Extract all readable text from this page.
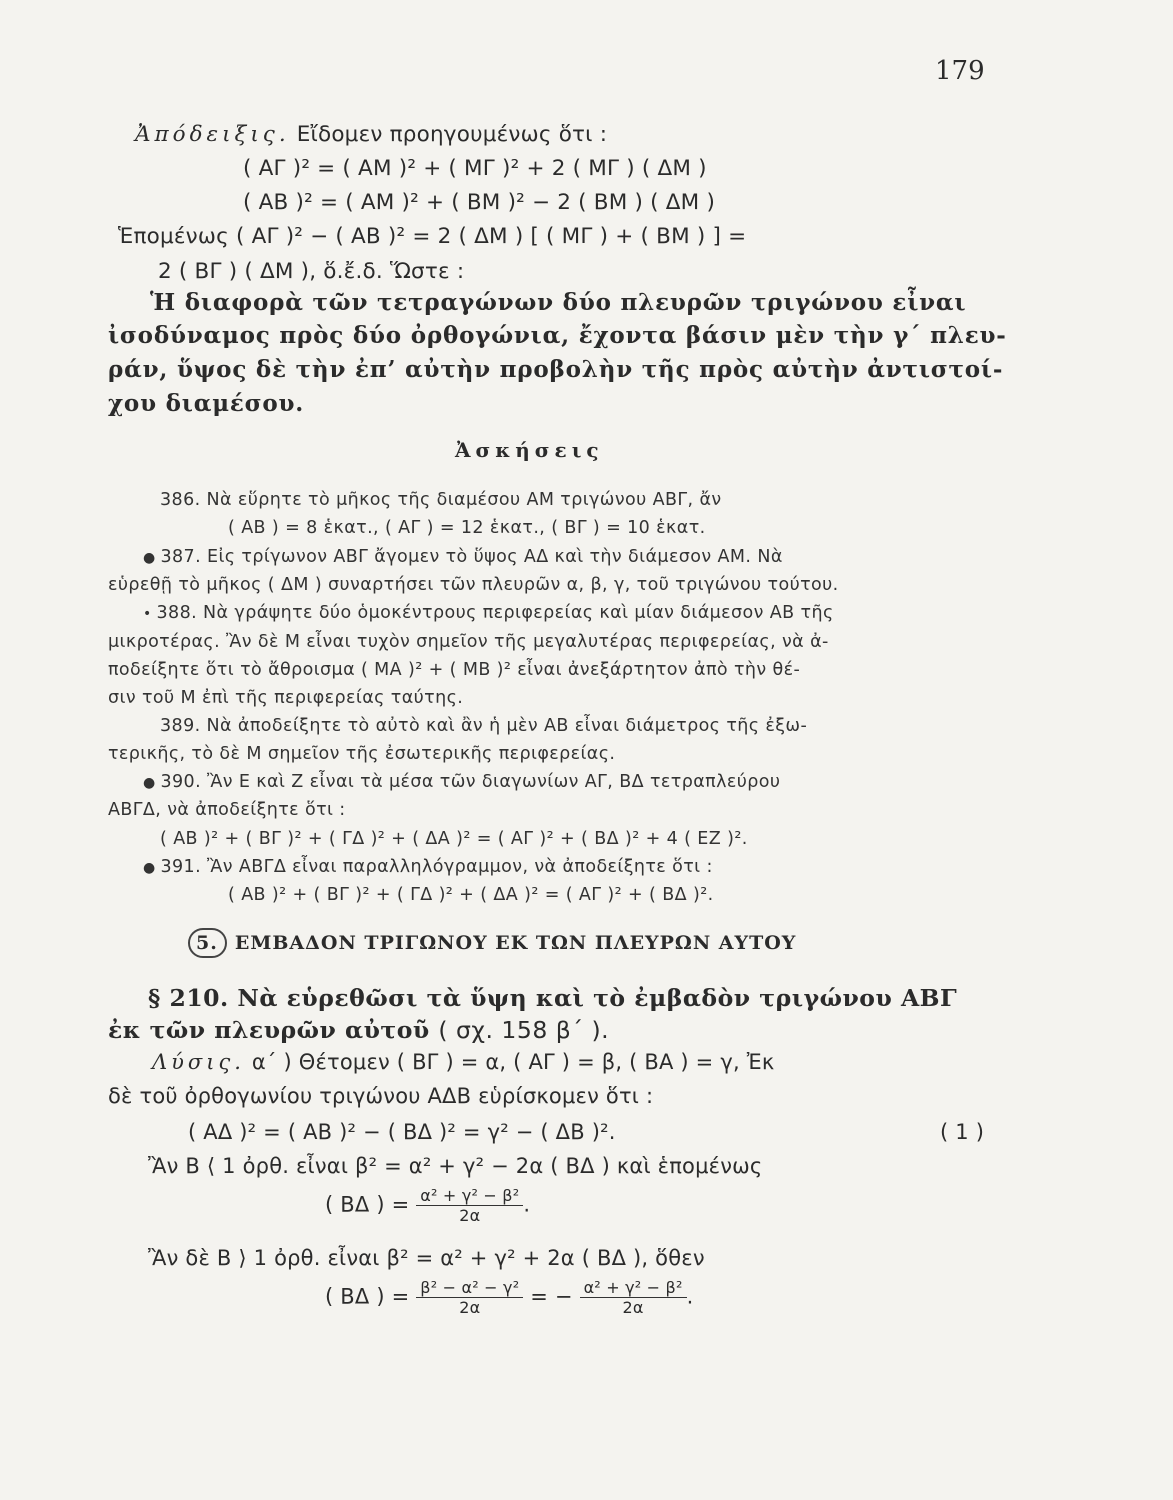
179
Ἀπόδειξις. Εἴδομεν προηγουμένως ὅτι :
( ΑΓ )² = ( ΑΜ )² + ( ΜΓ )² + 2 ( ΜΓ ) ( ΔΜ )
( ΑΒ )² = ( ΑΜ )² + ( ΒΜ )² − 2 ( ΒΜ ) ( ΔΜ )
Ἑπομένως ( ΑΓ )² − ( ΑΒ )² = 2 ( ΔΜ ) [ ( ΜΓ ) + ( ΒΜ ) ] =
2 ( ΒΓ ) ( ΔΜ ), ὅ.ἔ.δ. Ὥστε :
Ἡ διαφορὰ τῶν τετραγώνων δύο πλευρῶν τριγώνου εἶναι
ἰσοδύναμος πρὸς δύο ὀρθογώνια, ἔχοντα βάσιν μὲν τὴν γ΄ πλευ-
ράν, ὕψος δὲ τὴν ἐπ’ αὐτὴν προβολὴν τῆς πρὸς αὐτὴν ἀντιστοί-
χου διαμέσου.
Ἀσκήσεις
386. Νὰ εὕρητε τὸ μῆκος τῆς διαμέσου ΑΜ τριγώνου ΑΒΓ, ἄν
( ΑΒ ) = 8 ἑκατ., ( ΑΓ ) = 12 ἑκατ., ( ΒΓ ) = 10 ἑκατ.
● 387. Εἰς τρίγωνον ΑΒΓ ἄγομεν τὸ ὕψος ΑΔ καὶ τὴν διάμεσον ΑΜ. Νὰ
εὑρεθῇ τὸ μῆκος ( ΔΜ ) συναρτήσει τῶν πλευρῶν α, β, γ, τοῦ τριγώνου τούτου.
• 388. Νὰ γράψητε δύο ὁμοκέντρους περιφερείας καὶ μίαν διάμεσον ΑΒ τῆς
μικροτέρας. Ἂν δὲ Μ εἶναι τυχὸν σημεῖον τῆς μεγαλυτέρας περιφερείας, νὰ ἀ-
ποδείξητε ὅτι τὸ ἄθροισμα ( ΜΑ )² + ( ΜΒ )² εἶναι ἀνεξάρτητον ἀπὸ τὴν θέ-
σιν τοῦ Μ ἐπὶ τῆς περιφερείας ταύτης.
389. Νὰ ἀποδείξητε τὸ αὐτὸ καὶ ἂν ἡ μὲν ΑΒ εἶναι διάμετρος τῆς ἐξω-
τερικῆς, τὸ δὲ Μ σημεῖον τῆς ἐσωτερικῆς περιφερείας.
● 390. Ἂν Ε καὶ Ζ εἶναι τὰ μέσα τῶν διαγωνίων ΑΓ, ΒΔ τετραπλεύρου
ΑΒΓΔ, νὰ ἀποδείξητε ὅτι :
( ΑΒ )² + ( ΒΓ )² + ( ΓΔ )² + ( ΔΑ )² = ( ΑΓ )² + ( ΒΔ )² + 4 ( ΕΖ )².
● 391. Ἂν ΑΒΓΔ εἶναι παραλληλόγραμμον, νὰ ἀποδείξητε ὅτι :
( ΑΒ )² + ( ΒΓ )² + ( ΓΔ )² + ( ΔΑ )² = ( ΑΓ )² + ( ΒΔ )².
5. ΕΜΒΑΔΟΝ ΤΡΙΓΩΝΟΥ ΕΚ ΤΩΝ ΠΛΕΥΡΩΝ ΑΥΤΟΥ
§ 210. Νὰ εὑρεθῶσι τὰ ὕψη καὶ τὸ ἐμβαδὸν τριγώνου ΑΒΓ
ἐκ τῶν πλευρῶν αὐτοῦ ( σχ. 158 β΄ ).
Λύσις. α΄ ) Θέτομεν ( ΒΓ ) = α, ( ΑΓ ) = β, ( ΒΑ ) = γ, Ἐκ
δὲ τοῦ ὀρθογωνίου τριγώνου ΑΔΒ εὑρίσκομεν ὅτι :
( ΑΔ )² = ( ΑΒ )² − ( ΒΔ )² = γ² − ( ΔΒ )².	( 1 )
Ἂν Β ⟨ 1 ὀρθ. εἶναι β² = α² + γ² − 2α ( ΒΔ ) καὶ ἑπομένως
( ΒΔ ) = $\frac{\text{α² + γ² − β²}}{2\alpha}$ .
Ἂν δὲ Β ⟩ 1 ὀρθ. εἶναι β² = α² + γ² + 2α ( ΒΔ ), ὅθεν
( ΒΔ ) = $\frac{\text{β² − α² − γ²}}{2\alpha}$ = − $\frac{\text{α² + γ² − β²}}{2\alpha}$ .
